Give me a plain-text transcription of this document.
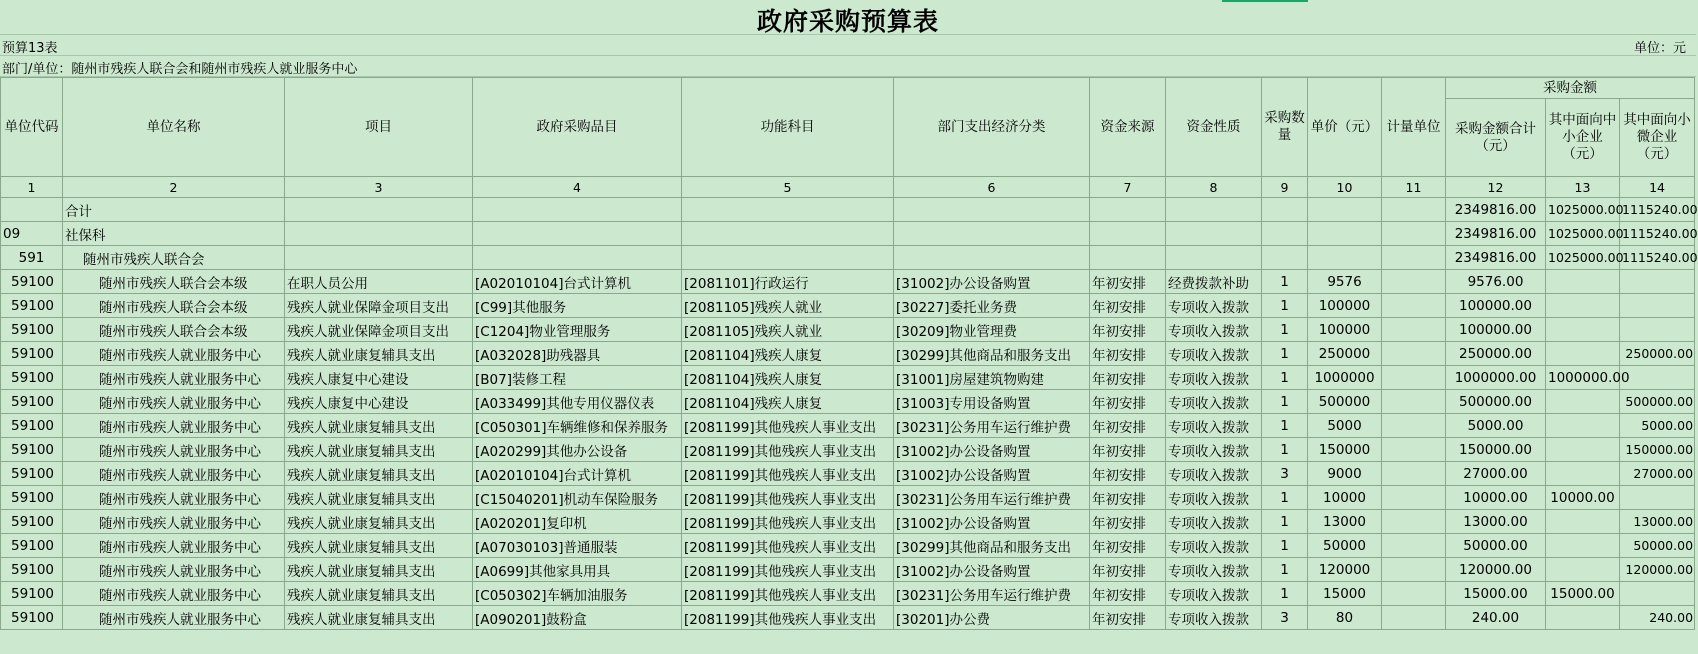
政府采购预算表
预算13表	单位：元
部门/单位：随州市残疾人联合会和随州市残疾人就业服务中心
单位代码	单位名称	项目	政府采购品目	功能科目	部门支出经济分类	资金来源	资金性质	采购数量	单价（元）	计量单位	采购金额		
											采购金额合计（元）	其中面向中小企业（元）	其中面向小微企业（元）
1	2	3	4	5	6	7	8	9	10	11	12	13	14
	合计										2349816.00	1025000.00	1115240.00
09	社保科										2349816.00	1025000.00	1115240.00
591	随州市残疾人联合会										2349816.00	1025000.00	1115240.00
59100	随州市残疾人联合会本级	在职人员公用	[A02010104]台式计算机	[2081101]行政运行	[31002]办公设备购置	年初安排	经费拨款补助	1	9576		9576.00		
59100	随州市残疾人联合会本级	残疾人就业保障金项目支出	[C99]其他服务	[2081105]残疾人就业	[30227]委托业务费	年初安排	专项收入拨款	1	100000		100000.00		
59100	随州市残疾人联合会本级	残疾人就业保障金项目支出	[C1204]物业管理服务	[2081105]残疾人就业	[30209]物业管理费	年初安排	专项收入拨款	1	100000		100000.00		
59100	随州市残疾人就业服务中心	残疾人就业康复辅具支出	[A032028]助残器具	[2081104]残疾人康复	[30299]其他商品和服务支出	年初安排	专项收入拨款	1	250000		250000.00		250000.00
59100	随州市残疾人就业服务中心	残疾人康复中心建设	[B07]装修工程	[2081104]残疾人康复	[31001]房屋建筑物购建	年初安排	专项收入拨款	1	1000000		1000000.00	1000000.00	
59100	随州市残疾人就业服务中心	残疾人康复中心建设	[A033499]其他专用仪器仪表	[2081104]残疾人康复	[31003]专用设备购置	年初安排	专项收入拨款	1	500000		500000.00		500000.00
59100	随州市残疾人就业服务中心	残疾人就业康复辅具支出	[C050301]车辆维修和保养服务	[2081199]其他残疾人事业支出	[30231]公务用车运行维护费	年初安排	专项收入拨款	1	5000		5000.00		5000.00
59100	随州市残疾人就业服务中心	残疾人就业康复辅具支出	[A020299]其他办公设备	[2081199]其他残疾人事业支出	[31002]办公设备购置	年初安排	专项收入拨款	1	150000		150000.00		150000.00
59100	随州市残疾人就业服务中心	残疾人就业康复辅具支出	[A02010104]台式计算机	[2081199]其他残疾人事业支出	[31002]办公设备购置	年初安排	专项收入拨款	3	9000		27000.00		27000.00
59100	随州市残疾人就业服务中心	残疾人就业康复辅具支出	[C15040201]机动车保险服务	[2081199]其他残疾人事业支出	[30231]公务用车运行维护费	年初安排	专项收入拨款	1	10000		10000.00	10000.00	
59100	随州市残疾人就业服务中心	残疾人就业康复辅具支出	[A020201]复印机	[2081199]其他残疾人事业支出	[31002]办公设备购置	年初安排	专项收入拨款	1	13000		13000.00		13000.00
59100	随州市残疾人就业服务中心	残疾人就业康复辅具支出	[A07030103]普通服装	[2081199]其他残疾人事业支出	[30299]其他商品和服务支出	年初安排	专项收入拨款	1	50000		50000.00		50000.00
59100	随州市残疾人就业服务中心	残疾人就业康复辅具支出	[A0699]其他家具用具	[2081199]其他残疾人事业支出	[31002]办公设备购置	年初安排	专项收入拨款	1	120000		120000.00		120000.00
59100	随州市残疾人就业服务中心	残疾人就业康复辅具支出	[C050302]车辆加油服务	[2081199]其他残疾人事业支出	[30231]公务用车运行维护费	年初安排	专项收入拨款	1	15000		15000.00	15000.00	
59100	随州市残疾人就业服务中心	残疾人就业康复辅具支出	[A090201]鼓粉盒	[2081199]其他残疾人事业支出	[30201]办公费	年初安排	专项收入拨款	3	80		240.00		240.00
